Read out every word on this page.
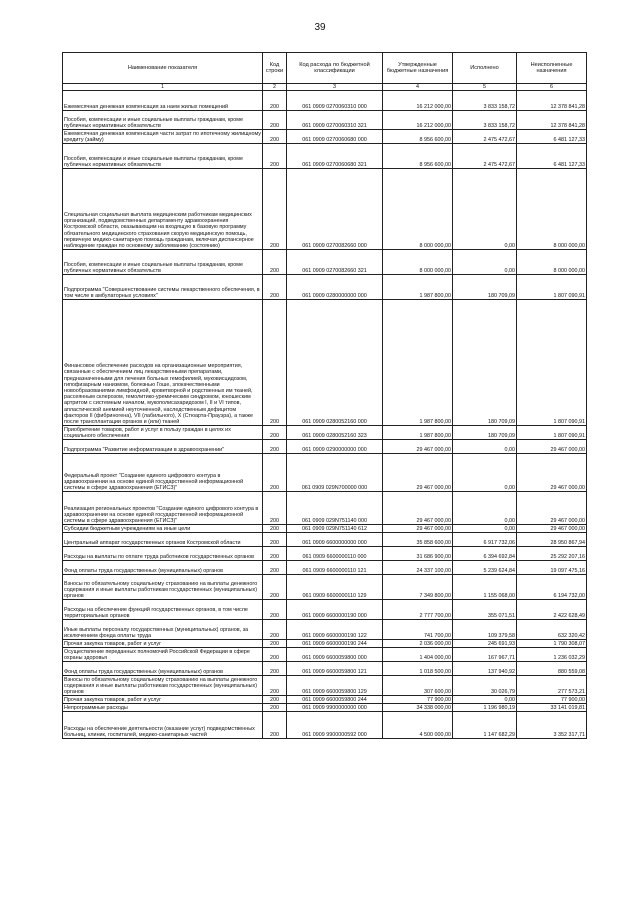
39
Наименование показателя	Код строки	Код расхода по бюджетной классификации	Утвержденные бюджетные назначения	Исполнено	Неисполненные назначения
1	2	3	4	5	6
Ежемесячная денежная компенсация за наем жилых помещений	200	061 0909 0270060310 000	16 212 000,00	3 833 158,72	12 378 841,28
Пособия, компенсации и иные социальные выплаты гражданам, кроме публичных нормативных обязательств	200	061 0909 0270060310 321	16 212 000,00	3 833 158,72	12 378 841,28
Ежемесячная денежная компенсация части затрат по ипотечному жилищному кредиту (займу)	200	061 0909 0270060680 000	8 956 600,00	2 475 472,67	6 481 127,33
Пособия, компенсации и иные социальные выплаты гражданам, кроме публичных нормативных обязательств	200	061 0909 0270060680 321	8 956 600,00	2 475 472,67	6 481 127,33
Специальная социальная выплата медицинским работникам медицинских организаций, подведомственных департаменту здравоохранения Костромской области, оказывающим на входящую в базовую программу обязательного медицинского страхования скорую медицинскую помощь, первичную медико-санитарную помощь гражданам, включая диспансерное наблюдение граждан по основному заболеванию (состоянию)	200	061 0909 0270082660 000	8 000 000,00	0,00	8 000 000,00
Пособия, компенсации и иные социальные выплаты гражданам, кроме публичных нормативных обязательств	200	061 0909 0270082660 321	8 000 000,00	0,00	8 000 000,00
Подпрограмма "Совершенствование системы лекарственного обеспечения, в том числе в амбулаторных условиях"	200	061 0909 0280000000 000	1 987 800,00	180 709,09	1 807 090,91
Финансовое обеспечение расходов на организационные мероприятия, связанные с обеспечением лиц лекарственными препаратами, предназначенными для лечения больных гемофилией, муковисцидозом, гипофизарным нанизмом, болезнью Гоше, злокачественными новообразованиями лимфоидной, кроветворной и родственных им тканей, рассеянным склерозом, гемолитико-уремическим синдромом, юношеским артритом с системным началом, мукополисахаридозом I, II и VI типов, апластической анемией неуточненной, наследственным дефицитом факторов II (фибриногена), VII (лабильного), X (Стюарта-Прауэра), а также после трансплантации органов и (или) тканей	200	061 0909 0280052160 000	1 987 800,00	180 709,09	1 807 090,91
Приобретение товаров, работ и услуг в пользу граждан в целях их социального обеспечения	200	061 0909 0280052160 323	1 987 800,00	180 709,09	1 807 090,91
Подпрограмма "Развитие информатизации в здравоохранении"	200	061 0909 0290000000 000	29 467 000,00	0,00	29 467 000,00
Федеральный проект "Создание единого цифрового контура в здравоохранении на основе единой государственной информационной системы в сфере здравоохранения (ЕГИСЗ)"	200	061 0909 029N700000 000	29 467 000,00	0,00	29 467 000,00
Реализация региональных проектов "Создание единого цифрового контура в здравоохранении на основе единой государственной информационной системы в сфере здравоохранения (ЕГИСЗ)"	200	061 0909 029N751140 000	29 467 000,00	0,00	29 467 000,00
Субсидии бюджетным учреждениям на иные цели	200	061 0909 029N751140 612	29 467 000,00	0,00	29 467 000,00
Центральный аппарат государственных органов Костромской области	200	061 0909 6600000000 000	35 858 600,00	6 917 732,06	28 950 867,94
Расходы на выплаты по оплате труда работников государственных органов	200	061 0909 6600000110 000	31 686 900,00	6 394 692,84	25 292 207,16
Фонд оплаты труда государственных (муниципальных) органов	200	061 0909 6600000110 121	24 337 100,00	5 239 624,84	19 097 475,16
Взносы по обязательному социальному страхованию на выплаты денежного содержания и иные выплаты работникам государственных (муниципальных) органов	200	061 0909 6600000110 129	7 349 800,00	1 155 068,00	6 194 732,00
Расходы на обеспечение функций государственных органов, в том числе территориальных органов	200	061 0909 6600000190 000	2 777 700,00	355 071,51	2 422 628,49
Иные выплаты персоналу государственных (муниципальных) органов, за исключением фонда оплаты труда	200	061 0909 6600000190 122	741 700,00	109 379,58	632 320,42
Прочая закупка товаров, работ и услуг	200	061 0909 6600000190 244	2 036 000,00	245 691,93	1 790 308,07
Осуществление переданных полномочий Российской Федерации в сфере охраны здоровья	200	061 0909 6600059800 000	1 404 000,00	167 967,71	1 236 032,29
Фонд оплаты труда государственных (муниципальных) органов	200	061 0909 6600059800 121	1 018 500,00	137 940,92	880 559,08
Взносы по обязательному социальному страхованию на выплаты денежного содержания и иные выплаты работникам государственных (муниципальных) органов	200	061 0909 6600059800 129	307 600,00	30 026,79	277 573,21
Прочая закупка товаров, работ и услуг	200	061 0909 6600059800 244	77 900,00	0,00	77 900,00
Непрограммные расходы	200	061 0909 9900000000 000	34 338 000,00	1 196 980,19	33 141 019,81
Расходы на обеспечение деятельности (оказание услуг) подведомственных больниц, клиник, госпиталей, медико-санитарных частей	200	061 0909 9900000592 000	4 500 000,00	1 147 682,29	3 352 317,71
